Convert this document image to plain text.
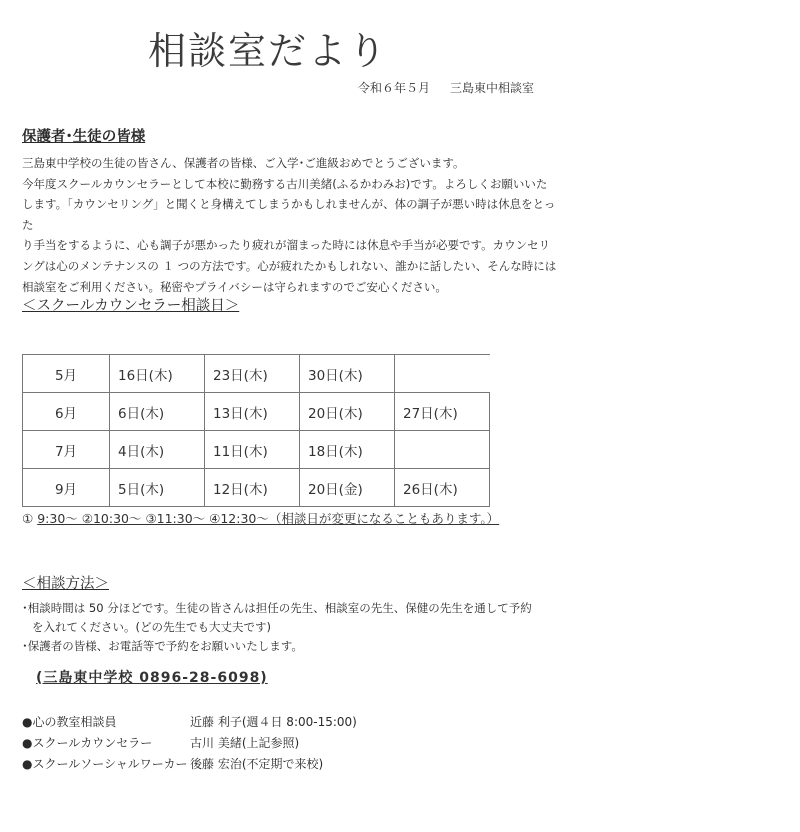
相談室だより
令和６年５月 三島東中相談室
保護者･生徒の皆様

三島東中学校の生徒の皆さん、保護者の皆様、ご入学･ご進級おめでとうございます。

今年度スクールカウンセラーとして本校に勤務する古川美緒(ふるかわみお)です。よろしくお願いいた

します。「カウンセリング」と聞くと身構えてしまうかもしれませんが、体の調子が悪い時は休息をとった

り手当をするように、心も調子が悪かったり疲れが溜まった時には休息や手当が必要です。カウンセリ

ングは心のメンテナンスの １ つの方法です。心が疲れたかもしれない、誰かに話したい、そんな時には

相談室をご利用ください。秘密やプライバシーは守られますのでご安心ください。

＜スクールカウンセラー相談日＞
5月	16日(木)	23日(木)	30日(木)	
6月	6日(木)	13日(木)	20日(木)	27日(木)
7月	4日(木)	11日(木)	18日(木)	
9月	5日(木)	12日(木)	20日(金)	26日(木)
① 9:30～ ②10:30～ ③11:30～ ④12:30～（相談日が変更になることもあります。）
＜相談方法＞

･相談時間は 50 分ほどです。生徒の皆さんは担任の先生、相談室の先生、保健の先生を通して予約

を入れてください。(どの先生でも大丈夫です)

･保護者の皆様、お電話等で予約をお願いいたします。

(三島東中学校 0896-28-6098)
●心の教室相談員	近藤 利子(週４日 8:00-15:00)
●スクールカウンセラー	古川 美緒(上記参照)
●スクールソーシャルワーカー 後藤 宏治(不定期で来校)
